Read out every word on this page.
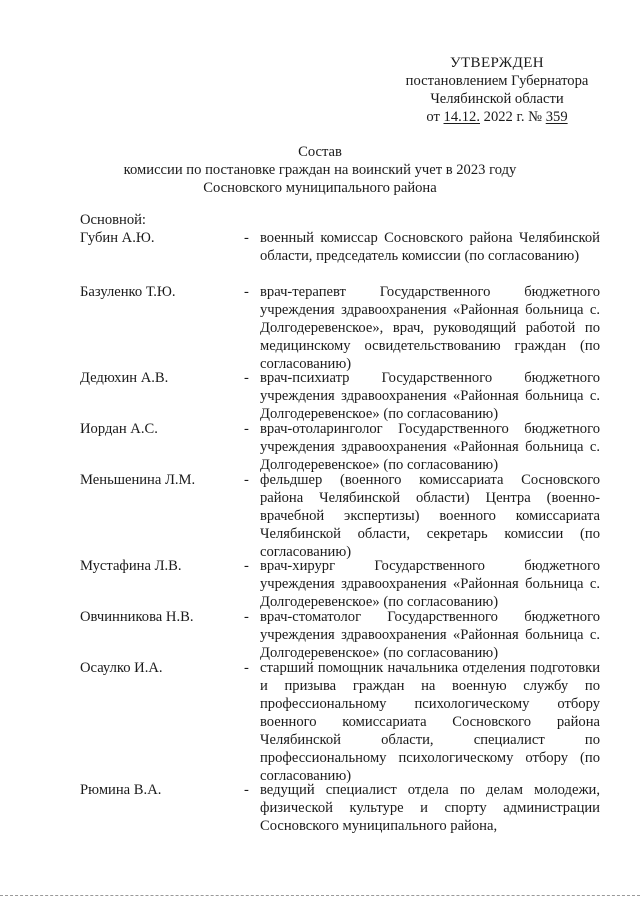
УТВЕРЖДЕН
постановлением Губернатора
Челябинской области
от 14.12. 2022 г. № 359
Состав
комиссии по постановке граждан на воинский учет в 2023 году
Сосновского муниципального района
Основной:
Губин А.Ю.	- военный комиссар Сосновского района Челябинской области, председатель комиссии (по согласованию)
Базуленко Т.Ю.	- врач-терапевт Государственного бюджетного учреждения здравоохранения «Районная больница с. Долгодеревенское», врач, руководящий работой по медицинскому освидетельствованию граждан (по согласованию)
Дедюхин А.В.	- врач-психиатр Государственного бюджетного учреждения здравоохранения «Районная больница с. Долгодеревенское» (по согласованию)
Иордан А.С.	- врач-отоларинголог Государственного бюджетного учреждения здравоохранения «Районная больница с. Долгодеревенское» (по согласованию)
Меньшенина Л.М.	- фельдшер (военного комиссариата Сосновского района Челябинской области) Центра (военно-врачебной экспертизы) военного комиссариата Челябинской области, секретарь комиссии (по согласованию)
Мустафина Л.В.	- врач-хирург Государственного бюджетного учреждения здравоохранения «Районная больница с. Долгодеревенское» (по согласованию)
Овчинникова Н.В.	- врач-стоматолог Государственного бюджетного учреждения здравоохранения «Районная больница с. Долгодеревенское» (по согласованию)
Осаулко И.А.	- старший помощник начальника отделения подготовки и призыва граждан на военную службу по профессиональному психологическому отбору военного комиссариата Сосновского района Челябинской области, специалист по профессиональному психологическому отбору (по согласованию)
Рюмина В.А.	- ведущий специалист отдела по делам молодежи, физической культуре и спорту администрации Сосновского муниципального района,
